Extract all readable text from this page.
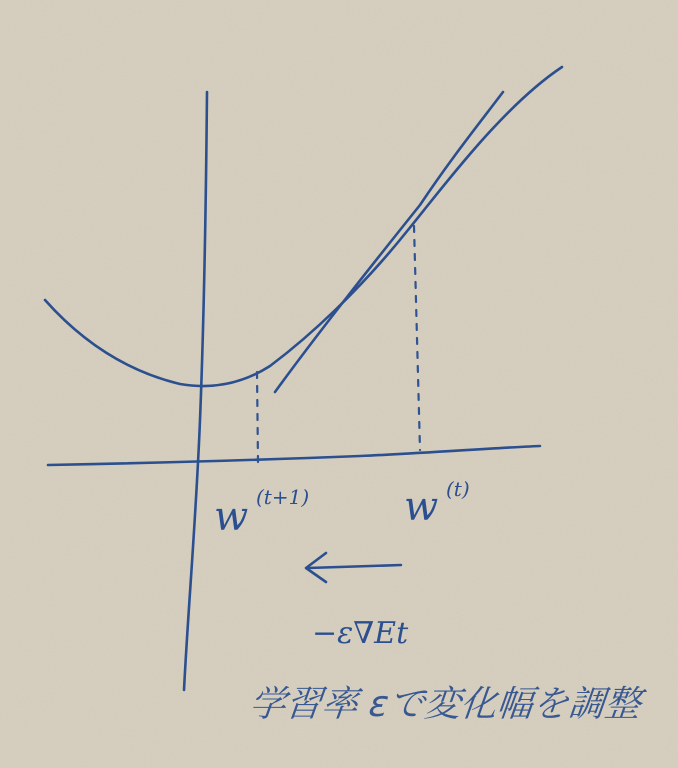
w (t+1) w (t)
−ε∇Et
学習率 εで変化幅を調整
